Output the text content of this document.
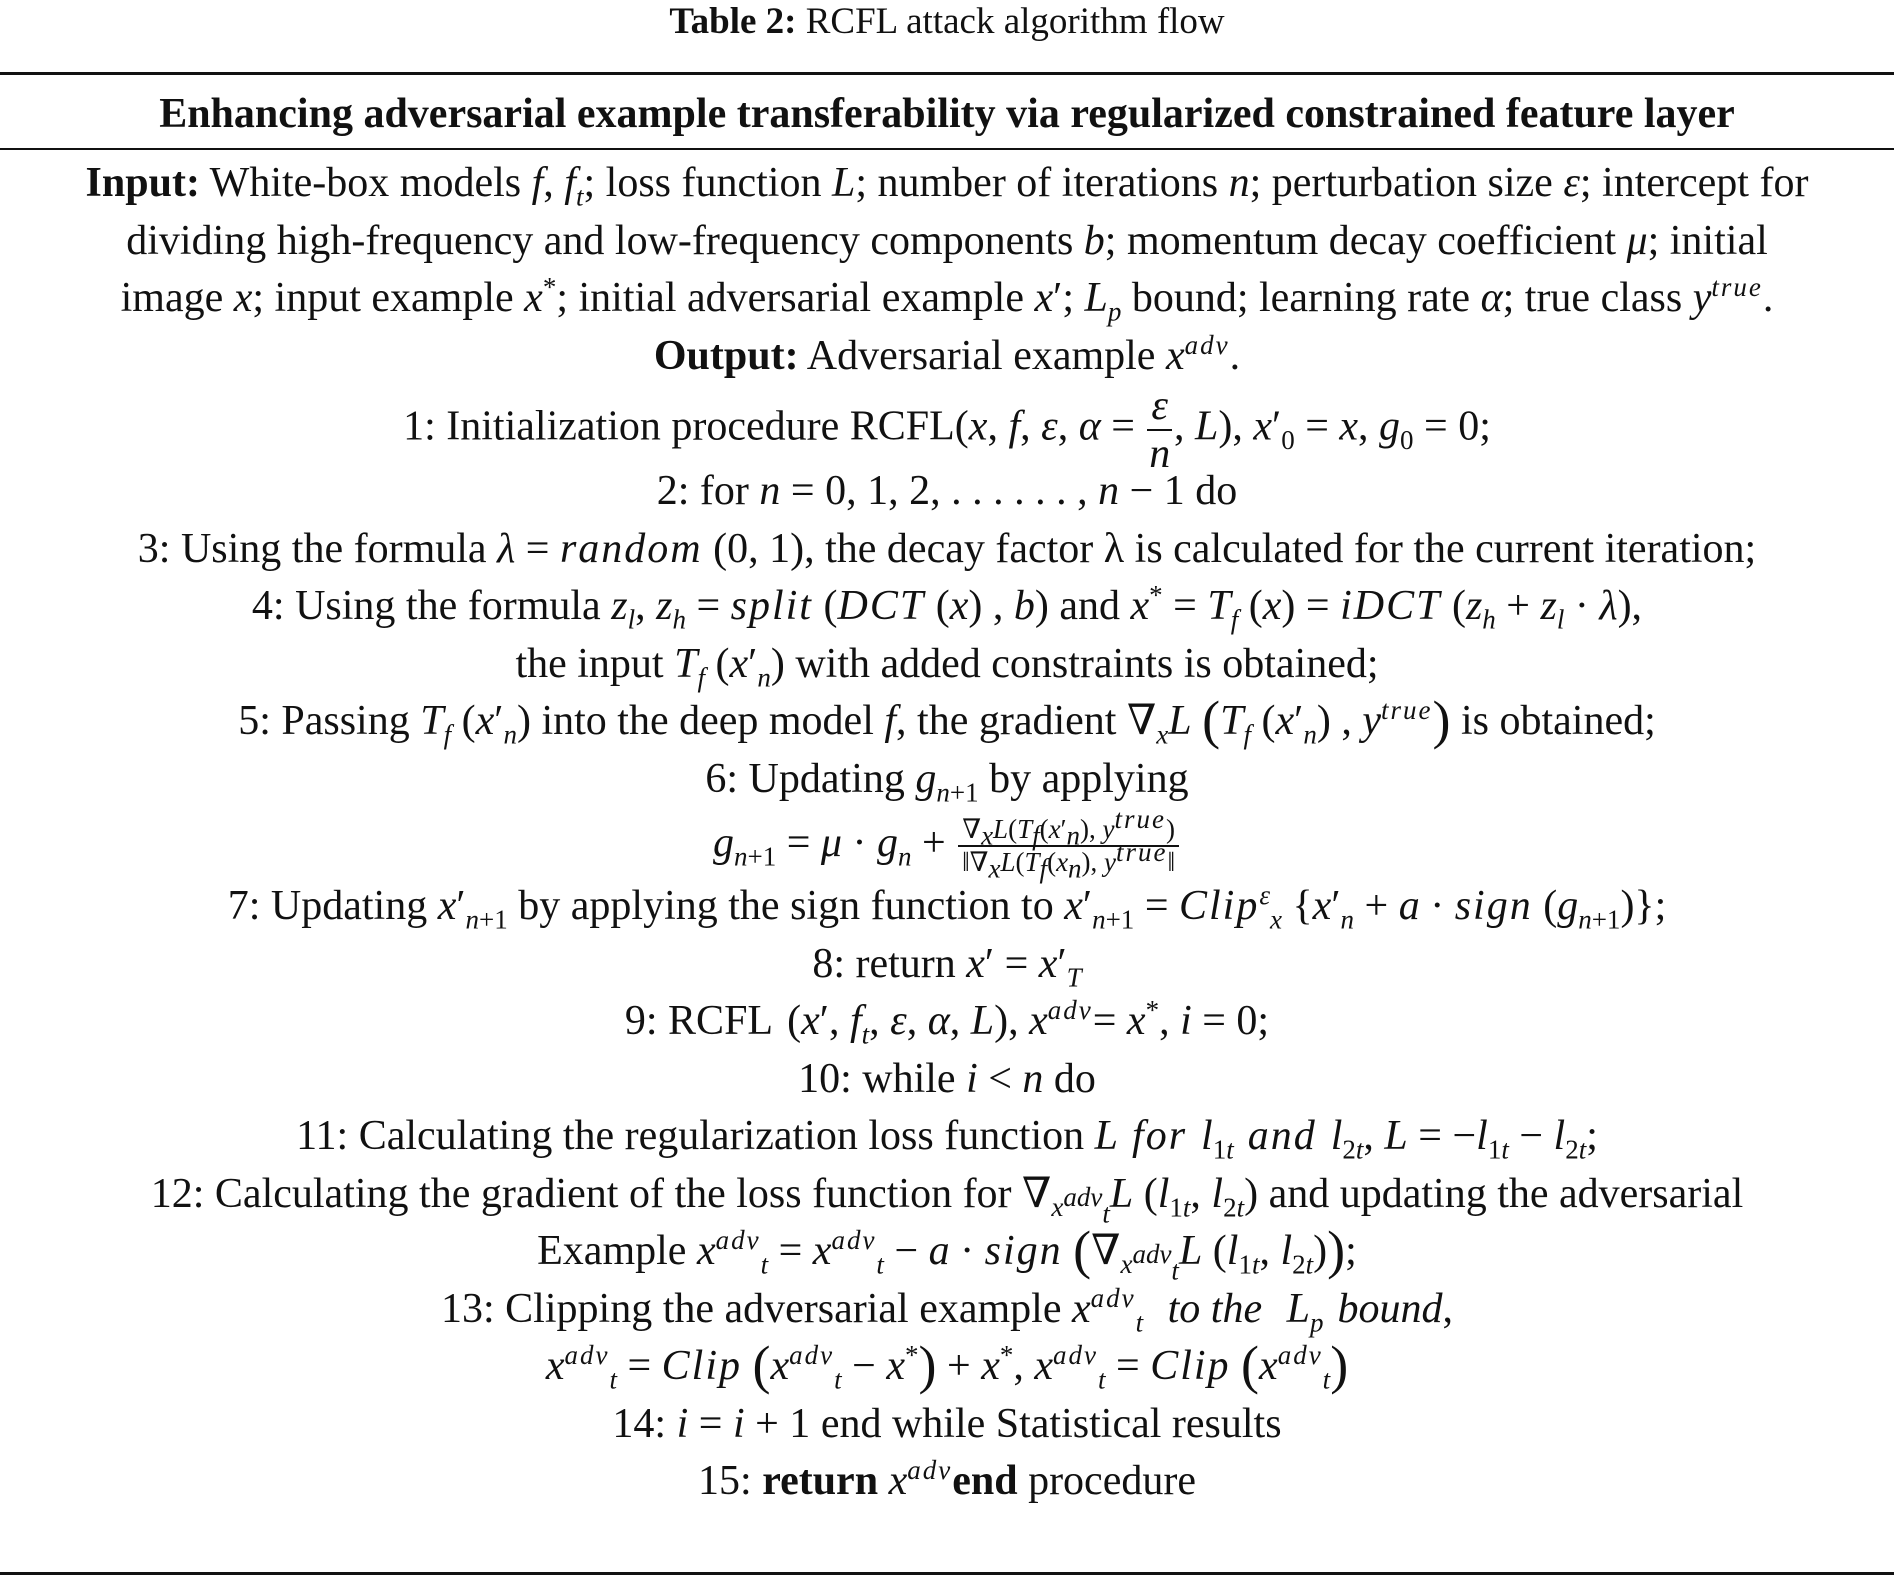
Table 2: RCFL attack algorithm flow
Enhancing adversarial example transferability via regularized constrained feature layer
Input: White-box models f, $f_t$; loss function L; number of iterations n; perturbation size ε; intercept for
dividing high-frequency and low-frequency components b; momentum decay coefficient μ; initial
image x; input example x*; initial adversarial example x′; $L_p$ bound; learning rate α; true class $y^{true}$.
Output: Adversarial example $x^{adv}$.
1: Initialization procedure RCFL(x, f, ε, $\alpha = \frac{\varepsilon}{n}$ , L), $x'_0 = x$, $g_0 = 0$;
2: for n = 0, 1, 2, . . . . . . , n − 1 do
3: Using the formula λ = random (0, 1), the decay factor λ is calculated for the current iteration;
4: Using the formula $z_l$, $z_h$ = split (DCT (x) , b) and $x^* = T_f$ (x) = iDCT $(z_h + z_l \cdot \lambda)$,
the input $T_f$ $(x'_n)$ with added constraints is obtained;
5: Passing $T_f$ $(x'_n)$ into the deep model f, the gradient $\nabla_xL$ ($T_f$ $(x'_n)$ , $y^{true}$) is obtained;
6: Updating $g_{n+1}$ by applying
$g_{n+1} = \mu \cdot g_n + \frac{\nabla_xL(T_f(x'_n), y^{true})}{‖\nabla_xL(T_f(x_n), y^{true}‖}$
7: Updating $x'_{n+1}$ by applying the sign function to $x'_{n+1}$ = Clip$^\varepsilon_x$ {$x'_n + a$ · sign $(g_{n+1})$};
8: return $x' = x'_T$
9: RCFL (x′, $f_t$, ε, α, L), $x^{adv}= x^*$, i = 0;
10: while i < n do
11: Calculating the regularization loss function L for $l_{1t}$ and $l_{2t}$, $L = -l_{1t} - l_{2t}$;
12: Calculating the gradient of the loss function for $\nabla_{x^{adv}_t}L$ ($l_{1t}$, $l_{2t}$) and updating the adversarial
Example $x^{adv}_t = x^{adv}_t - a$ · sign ($\nabla_{x^{adv}_t}L$ ($l_{1t}$, $l_{2t}$));
13: Clipping the adversarial example $x^{adv}_t$ to the $L_p$ bound,
$x^{adv}_t$ = Clip $(x^{adv}_t - x^*) + x^*$, $x^{adv}_t$ = Clip $(x^{adv}_t)$
14: i = i + 1 end while Statistical results
15: return $x^{adv}end$ procedure
